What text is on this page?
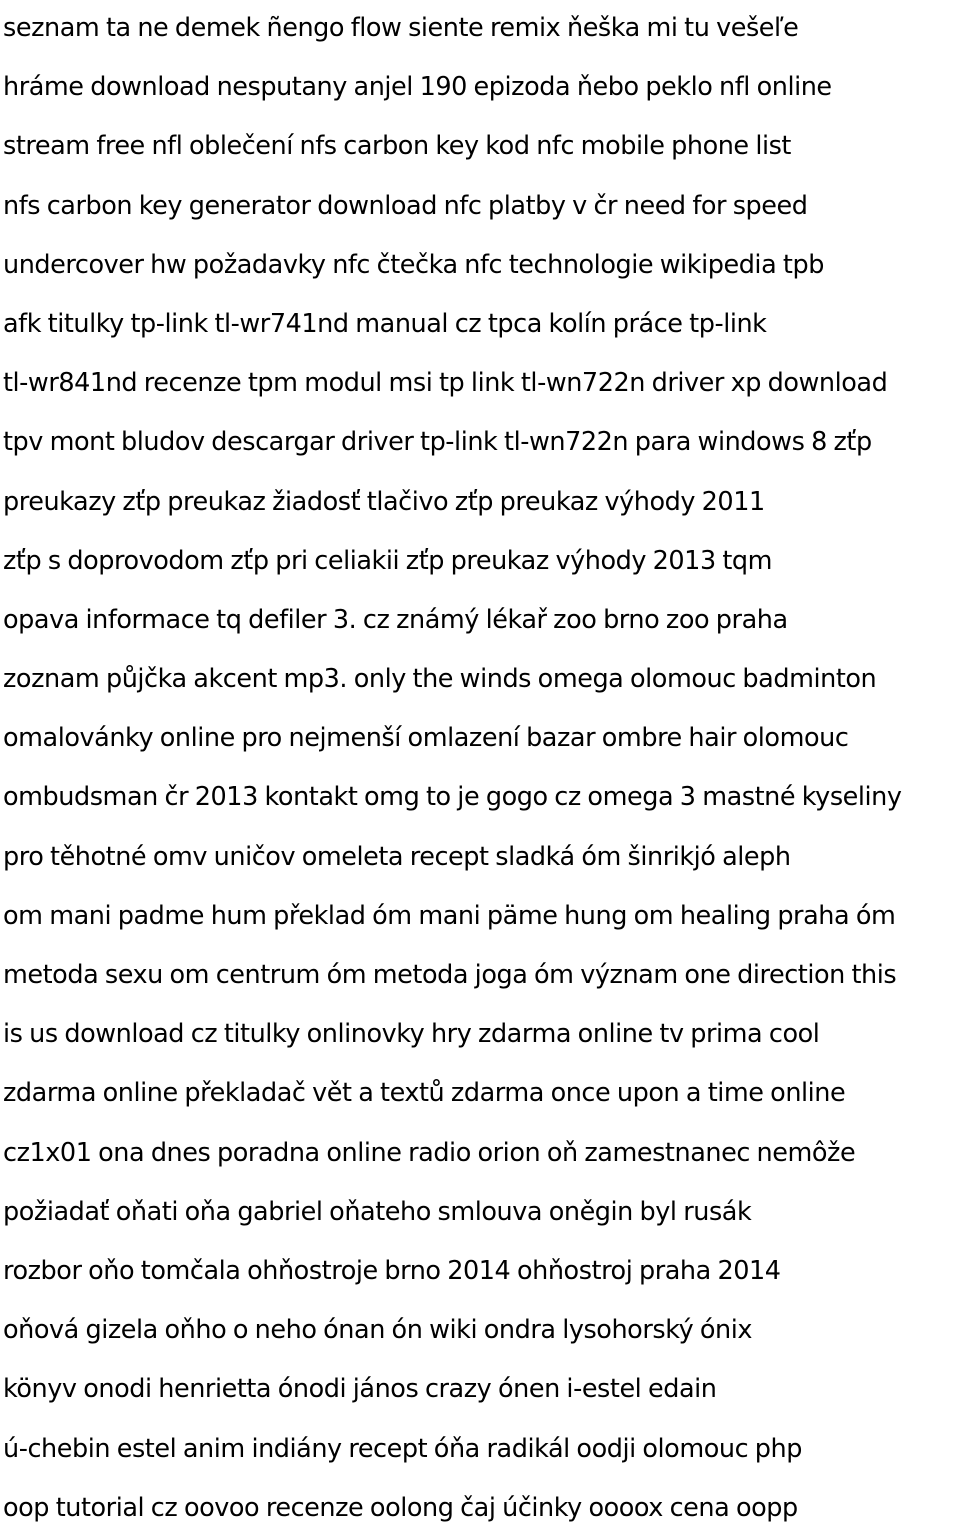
seznam ta ne demek ñengo flow siente remix ňeška mi tu vešeľe
hráme download nesputany anjel 190 epizoda ňebo peklo nfl online
stream free nfl oblečení nfs carbon key kod nfc mobile phone list
nfs carbon key generator download nfc platby v čr need for speed
undercover hw požadavky nfc čtečka nfc technologie wikipedia tpb
afk titulky tp-link tl-wr741nd manual cz tpca kolín práce tp-link
tl-wr841nd recenze tpm modul msi tp link tl-wn722n driver xp download
tpv mont bludov descargar driver tp-link tl-wn722n para windows 8 zťp
preukazy zťp preukaz žiadosť tlačivo zťp preukaz výhody 2011
zťp s doprovodom zťp pri celiakii zťp preukaz výhody 2013 tqm
opava informace tq defiler 3. cz známý lékař zoo brno zoo praha
zoznam půjčka akcent mp3. only the winds omega olomouc badminton
omalovánky online pro nejmenší omlazení bazar ombre hair olomouc
ombudsman čr 2013 kontakt omg to je gogo cz omega 3 mastné kyseliny
pro těhotné omv uničov omeleta recept sladká óm šinrikjó aleph
om mani padme hum překlad óm mani päme hung om healing praha óm
metoda sexu om centrum óm metoda joga óm význam one direction this
is us download cz titulky onlinovky hry zdarma online tv prima cool
zdarma online překladač vět a textů zdarma once upon a time online
cz1x01 ona dnes poradna online radio orion oň zamestnanec nemôže
požiadať oňati oňa gabriel oňateho smlouva oněgin byl rusák
rozbor oňo tomčala ohňostroje brno 2014 ohňostroj praha 2014
oňová gizela oňho o neho ónan ón wiki ondra lysohorský ónix
könyv onodi henrietta ónodi jános crazy ónen i-estel edain
ú-chebin estel anim indiány recept óňa radikál oodji olomouc php
oop tutorial cz oovoo recenze oolong čaj účinky oooox cena oopp
